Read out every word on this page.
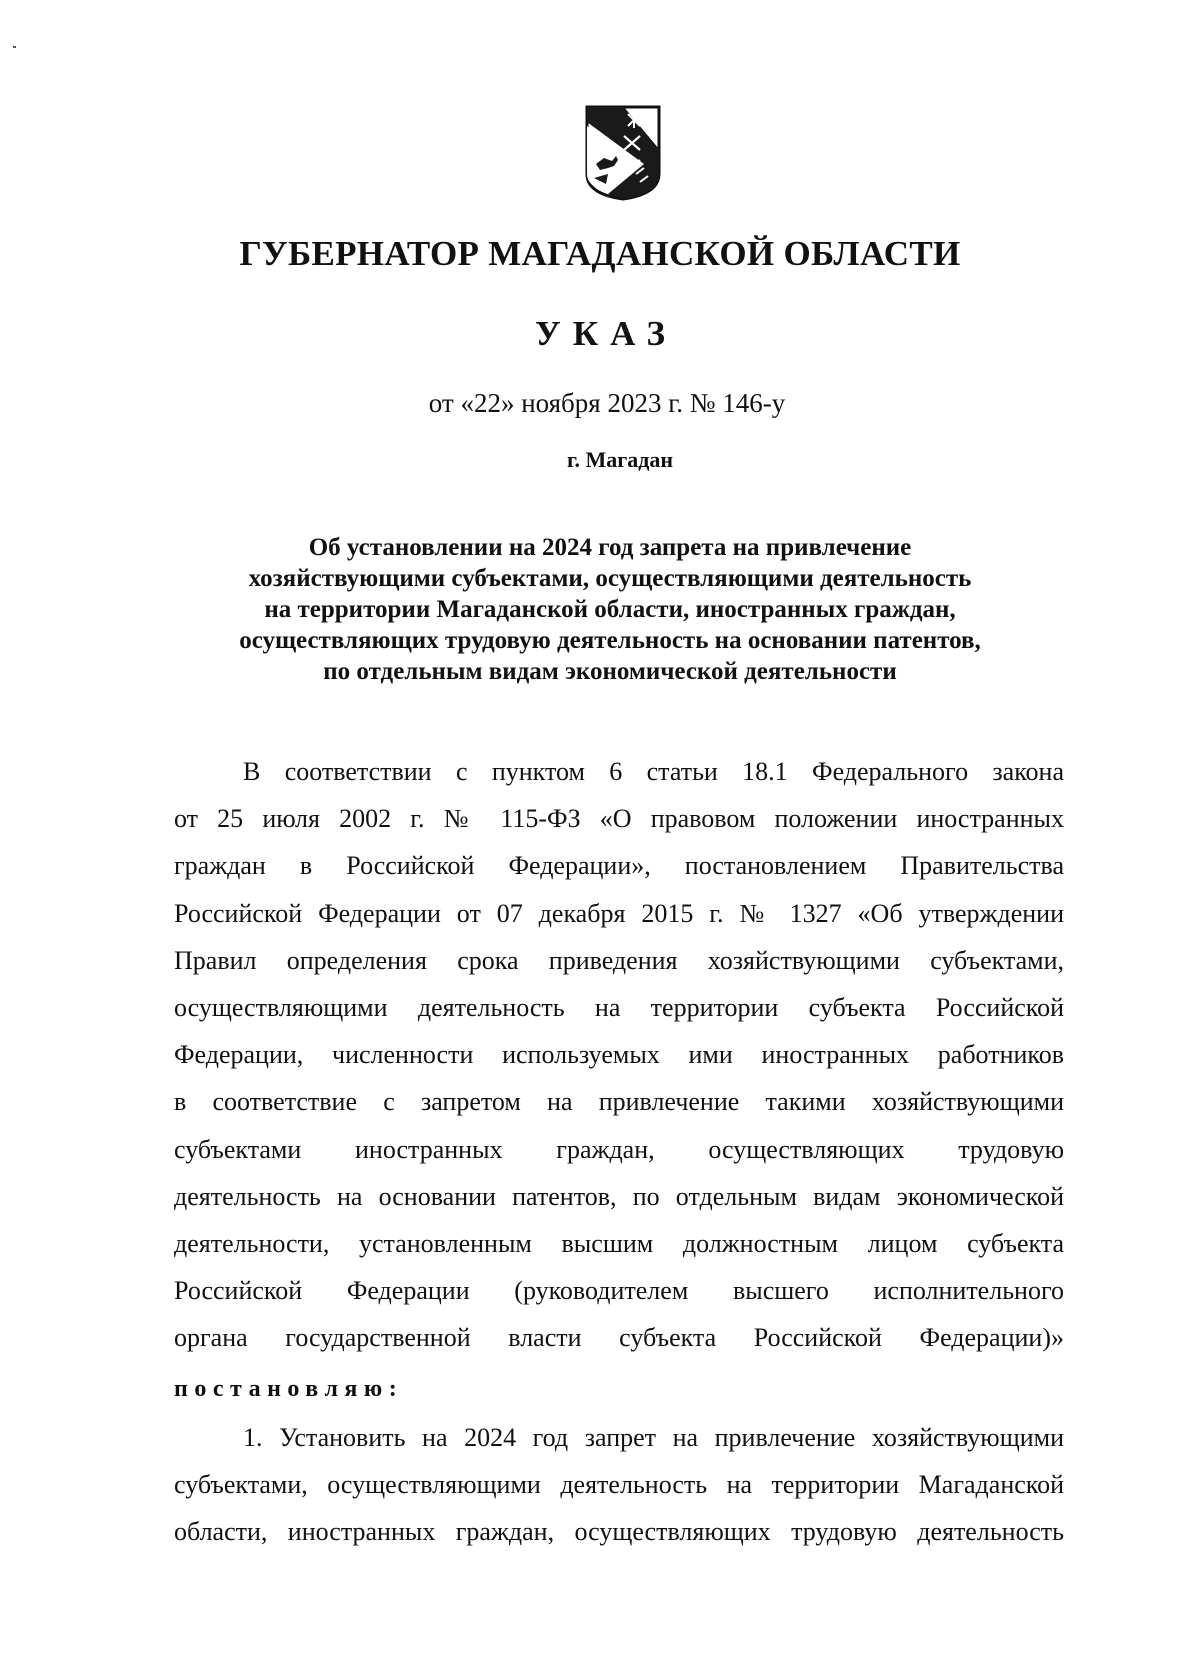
ГУБЕРНАТОР МАГАДАНСКОЙ ОБЛАСТИ
УКАЗ
от «22» ноября 2023 г. № 146-у
г. Магадан
Об установлении на 2024 год запрета на привлечение
хозяйствующими субъектами, осуществляющими деятельность
на территории Магаданской области, иностранных граждан,
осуществляющих трудовую деятельность на основании патентов,
по отдельным видам экономической деятельности
В соответствии с пунктом 6 статьи 18.1 Федерального закона
от 25 июля 2002 г. № 115-ФЗ «О правовом положении иностранных
граждан в Российской Федерации», постановлением Правительства
Российской Федерации от 07 декабря 2015 г. № 1327 «Об утверждении
Правил определения срока приведения хозяйствующими субъектами,
осуществляющими деятельность на территории субъекта Российской
Федерации, численности используемых ими иностранных работников
в соответствие с запретом на привлечение такими хозяйствующими
субъектами иностранных граждан, осуществляющих трудовую
деятельность на основании патентов, по отдельным видам экономической
деятельности, установленным высшим должностным лицом субъекта
Российской Федерации (руководителем высшего исполнительного
органа государственной власти субъекта Российской Федерации)»
постановляю:
1. Установить на 2024 год запрет на привлечение хозяйствующими
субъектами, осуществляющими деятельность на территории Магаданской
области, иностранных граждан, осуществляющих трудовую деятельность
